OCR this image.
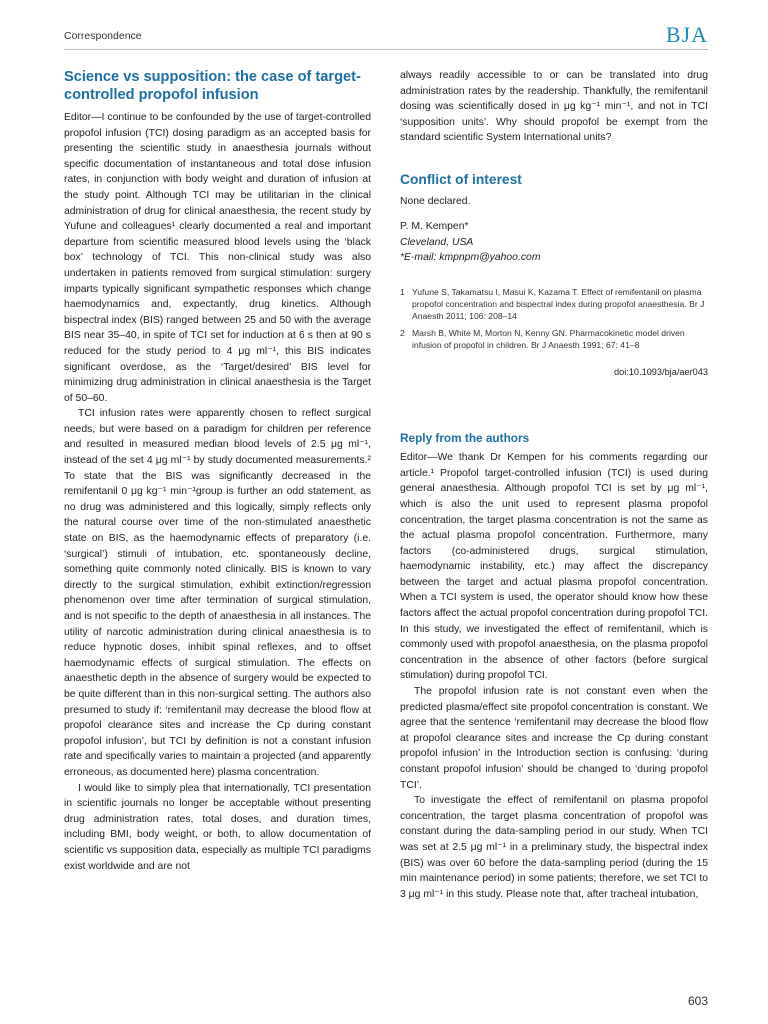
Correspondence	BJA
Science vs supposition: the case of target-controlled propofol infusion

Editor—I continue to be confounded by the use of target-controlled propofol infusion (TCI) dosing paradigm as an accepted basis for presenting the scientific study in anaesthesia journals without specific documentation of instantaneous and total dose infusion rates, in conjunction with body weight and duration of infusion at the study point. Although TCI may be utilitarian in the clinical administration of drug for clinical anaesthesia, the recent study by Yufune and colleagues¹ clearly documented a real and important departure from scientific measured blood levels using the ‘black box’ technology of TCI. This non-clinical study was also undertaken in patients removed from surgical stimulation: surgery imparts typically significant sympathetic responses which change haemodynamics and, expectantly, drug kinetics. Although bispectral index (BIS) ranged between 25 and 50 with the average BIS near 35–40, in spite of TCI set for induction at 6 s then at 90 s reduced for the study period to 4 μg ml⁻¹, this BIS indicates significant overdose, as the ‘Target/desired’ BIS level for minimizing drug administration in clinical anaesthesia is the Target of 50–60.

TCI infusion rates were apparently chosen to reflect surgical needs, but were based on a paradigm for children per reference and resulted in measured median blood levels of 2.5 μg ml⁻¹, instead of the set 4 μg ml⁻¹ by study documented measurements.² To state that the BIS was significantly decreased in the remifentanil 0 μg kg⁻¹ min⁻¹group is further an odd statement, as no drug was administered and this logically, simply reflects only the natural course over time of the non-stimulated anaesthetic state on BIS, as the haemodynamic effects of preparatory (i.e. ‘surgical’) stimuli of intubation, etc. spontaneously decline, something quite commonly noted clinically. BIS is known to vary directly to the surgical stimulation, exhibit extinction/regression phenomenon over time after termination of surgical stimulation, and is not specific to the depth of anaesthesia in all instances. The utility of narcotic administration during clinical anaesthesia is to reduce hypnotic doses, inhibit spinal reflexes, and to offset haemodynamic effects of surgical stimulation. The effects on anaesthetic depth in the absence of surgery would be expected to be quite different than in this non-surgical setting. The authors also presumed to study if: ‘remifentanil may decrease the blood flow at propofol clearance sites and increase the Cp during constant propofol infusion’, but TCI by definition is not a constant infusion rate and specifically varies to maintain a projected (and apparently erroneous, as documented here) plasma concentration.

I would like to simply plea that internationally, TCI presentation in scientific journals no longer be acceptable without presenting drug administration rates, total doses, and duration times, including BMI, body weight, or both, to allow documentation of scientific vs supposition data, especially as multiple TCI paradigms exist worldwide and are not

always readily accessible to or can be translated into drug administration rates by the readership. Thankfully, the remifentanil dosing was scientifically dosed in μg kg⁻¹ min⁻¹, and not in TCI ‘supposition units’. Why should propofol be exempt from the standard scientific System International units?

Conflict of interest

None declared.

P. M. Kempen*
Cleveland, USA
*E-mail: kmpnpm@yahoo.com
1 Yufune S, Takamatsu I, Masui K, Kazama T. Effect of remifentanil on plasma propofol concentration and bispectral index during propofol anaesthesia. Br J Anaesth 2011; 106: 208–14
2 Marsh B, White M, Morton N, Kenny GN. Pharmacokinetic model driven infusion of propofol in children. Br J Anaesth 1991; 67: 41–8
doi:10.1093/bja/aer043
Reply from the authors

Editor—We thank Dr Kempen for his comments regarding our article.¹ Propofol target-controlled infusion (TCI) is used during general anaesthesia. Although propofol TCI is set by μg ml⁻¹, which is also the unit used to represent plasma propofol concentration, the target plasma concentration is not the same as the actual plasma propofol concentration. Furthermore, many factors (co-administered drugs, surgical stimulation, haemodynamic instability, etc.) may affect the discrepancy between the target and actual plasma propofol concentration. When a TCI system is used, the operator should know how these factors affect the actual propofol concentration during propofol TCI. In this study, we investigated the effect of remifentanil, which is commonly used with propofol anaesthesia, on the plasma propofol concentration in the absence of other factors (before surgical stimulation) during propofol TCI.

The propofol infusion rate is not constant even when the predicted plasma/effect site propofol concentration is constant. We agree that the sentence ‘remifentanil may decrease the blood flow at propofol clearance sites and increase the Cp during constant propofol infusion’ in the Introduction section is confusing: ‘during constant propofol infusion’ should be changed to ‘during propofol TCI’.

To investigate the effect of remifentanil on plasma propofol concentration, the target plasma concentration of propofol was constant during the data-sampling period in our study. When TCI was set at 2.5 μg ml⁻¹ in a preliminary study, the bispectral index (BIS) was over 60 before the data-sampling period (during the 15 min maintenance period) in some patients; therefore, we set TCI to 3 μg ml⁻¹ in this study. Please note that, after tracheal intubation,

603
